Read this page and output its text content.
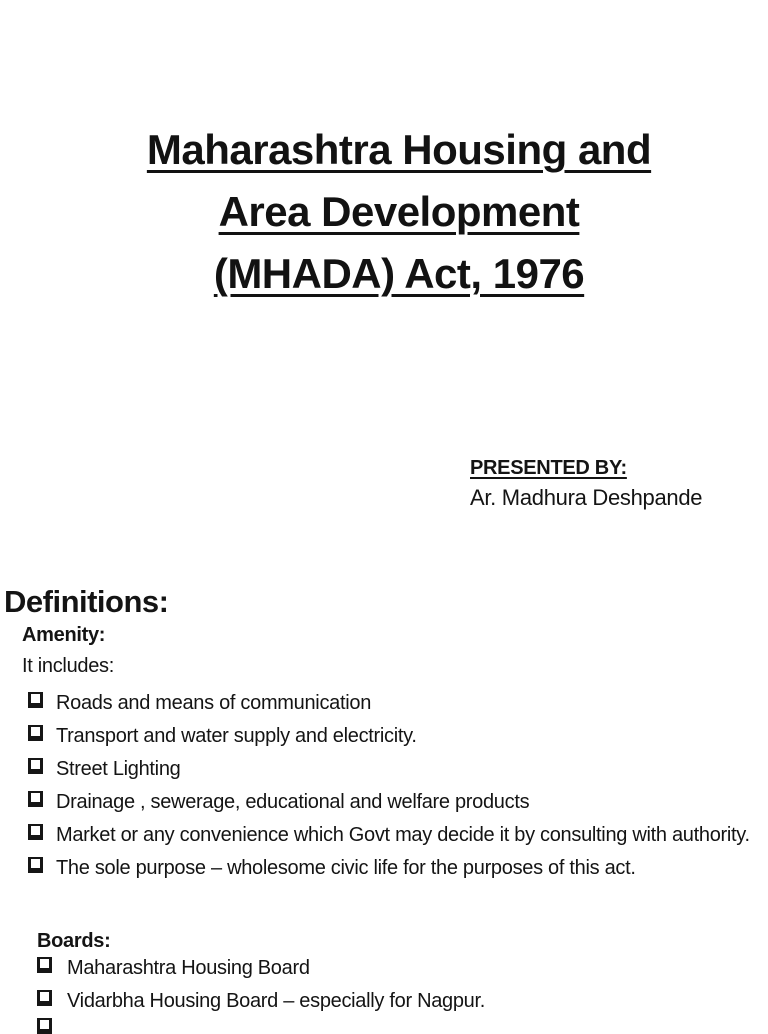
Maharashtra Housing and
Area Development
(MHADA) Act, 1976
PRESENTED BY:
Ar. Madhura Deshpande
Definitions:
Amenity:

It includes:

Roads and means of communication
Transport and water supply and electricity.
Street Lighting
Drainage , sewerage, educational and welfare products
Market or any convenience which Govt may decide it by consulting with authority.
The sole purpose – wholesome civic life for the purposes of this act.
Boards:
Maharashtra Housing Board
Vidarbha Housing Board – especially for Nagpur.
